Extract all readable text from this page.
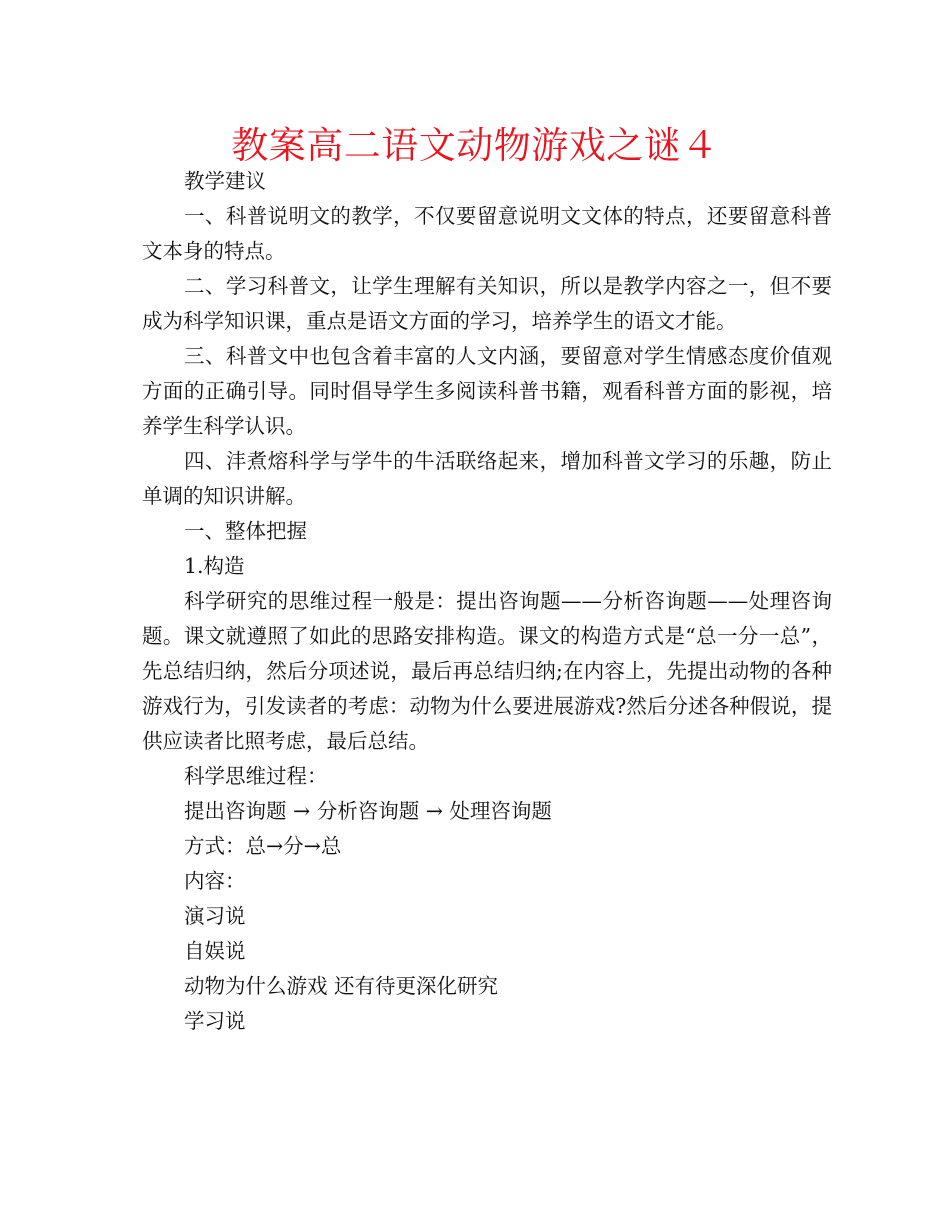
教案高二语文动物游戏之谜４

教学建议

一、科普说明文的教学，不仅要留意说明文文体的特点，还要留意科普文本身的特点。

二、学习科普文，让学生理解有关知识，所以是教学内容之一，但不要成为科学知识课，重点是语文方面的学习，培养学生的语文才能。

三、科普文中也包含着丰富的人文内涵，要留意对学生情感态度价值观方面的正确引导。同时倡导学生多阅读科普书籍，观看科普方面的影视，培养学生科学认识。

四、沣煮熔科学与学牛的牛活联络起来，增加科普文学习的乐趣，防止单调的知识讲解。

一、整体把握

1.构造

科学研究的思维过程一般是：提出咨询题——分析咨询题——处理咨询题。课文就遵照了如此的思路安排构造。课文的构造方式是“总一分一总”，先总结归纳，然后分项述说，最后再总结归纳;在内容上，先提出动物的各种游戏行为，引发读者的考虑：动物为什么要进展游戏?然后分述各种假说，提供应读者比照考虑，最后总结。

科学思维过程：

提出咨询题 → 分析咨询题 → 处理咨询题

方式：总→分→总

内容：

演习说

自娱说

动物为什么游戏 还有待更深化研究

学习说
